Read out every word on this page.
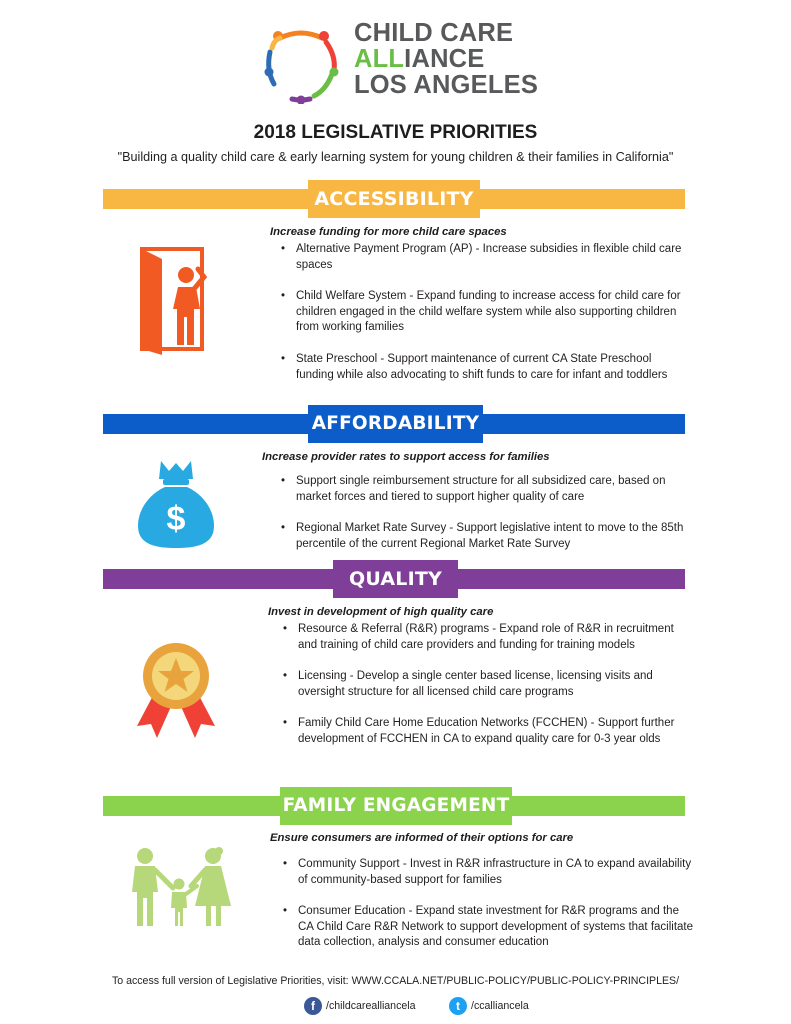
CHILD CARE
ALLIANCE
LOS ANGELES
2018 LEGISLATIVE PRIORITIES
"Building a quality child care & early learning system for young children & their families in California"
ACCESSIBILITY
Increase funding for more child care spaces
• Alternative Payment Program (AP) - Increase subsidies in flexible child care spaces
• Child Welfare System - Expand funding to increase access for child care for children engaged in the child welfare system while also supporting children from working families
• State Preschool - Support maintenance of current CA State Preschool funding while also advocating to shift funds to care for infant and toddlers
AFFORDABILITY
Increase provider rates to support access for families
• Support single reimbursement structure for all subsidized care, based on market forces and tiered to support higher quality of care
• Regional Market Rate Survey - Support legislative intent to move to the 85th percentile of the current Regional Market Rate Survey
$
QUALITY
Invest in development of high quality care
• Resource & Referral (R&R) programs - Expand role of R&R in recruitment and training of child care providers and funding for training models
• Licensing - Develop a single center based license, licensing visits and oversight structure for all licensed child care programs
• Family Child Care Home Education Networks (FCCHEN) - Support further development of FCCHEN in CA to expand quality care for 0-3 year olds
FAMILY ENGAGEMENT
Ensure consumers are informed of their options for care
• Community Support - Invest in R&R infrastructure in CA to expand availability of community-based support for families
• Consumer Education - Expand state investment for R&R programs and the CA Child Care R&R Network to support development of systems that facilitate data collection, analysis and consumer education
To access full version of Legislative Priorities, visit: WWW.CCALA.NET/PUBLIC-POLICY/PUBLIC-POLICY-PRINCIPLES/
f	/childcarealliancela	t	/ccalliancela
